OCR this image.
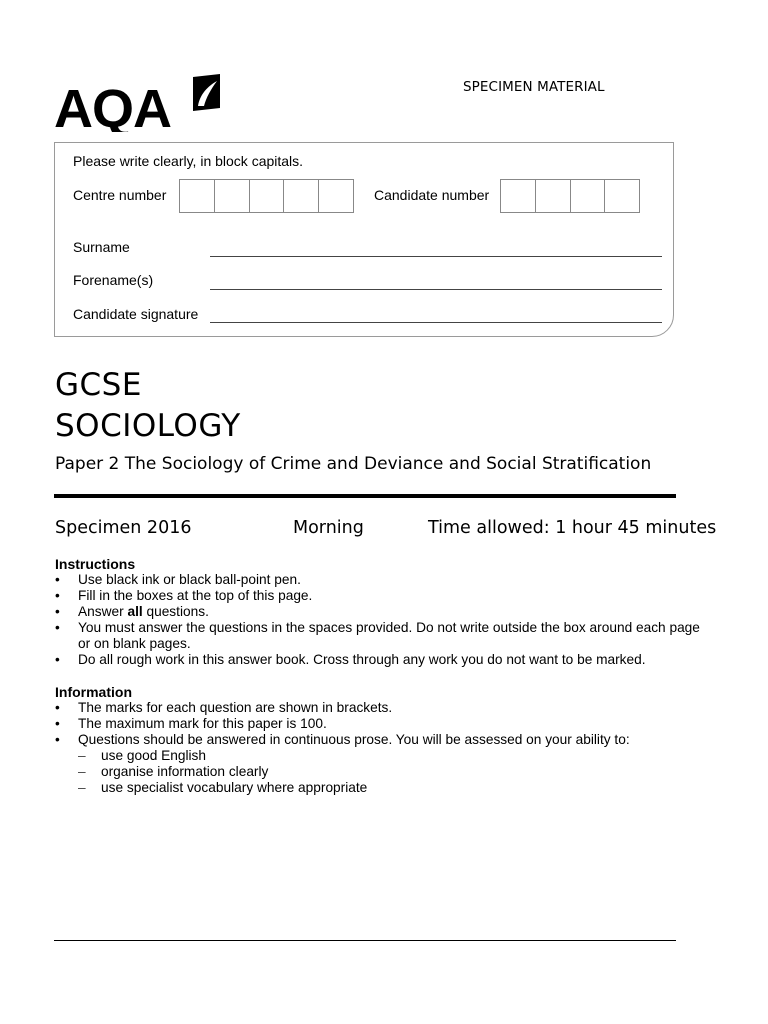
AQA	SPECIMEN MATERIAL
Please write clearly, in block capitals.
Centre number	Candidate number
Surname
Forename(s)
Candidate signature
GCSE
SOCIOLOGY
Paper 2 The Sociology of Crime and Deviance and Social Stratification
Specimen 2016	Morning	Time allowed: 1 hour 45 minutes
Instructions
• Use black ink or black ball-point pen.
• Fill in the boxes at the top of this page.
• Answer all questions.
• You must answer the questions in the spaces provided. Do not write outside the box around each page or on blank pages.
• Do all rough work in this answer book. Cross through any work you do not want to be marked.
Information
• The marks for each question are shown in brackets.
• The maximum mark for this paper is 100.
• Questions should be answered in continuous prose. You will be assessed on your ability to:
– use good English
– organise information clearly
– use specialist vocabulary where appropriate
